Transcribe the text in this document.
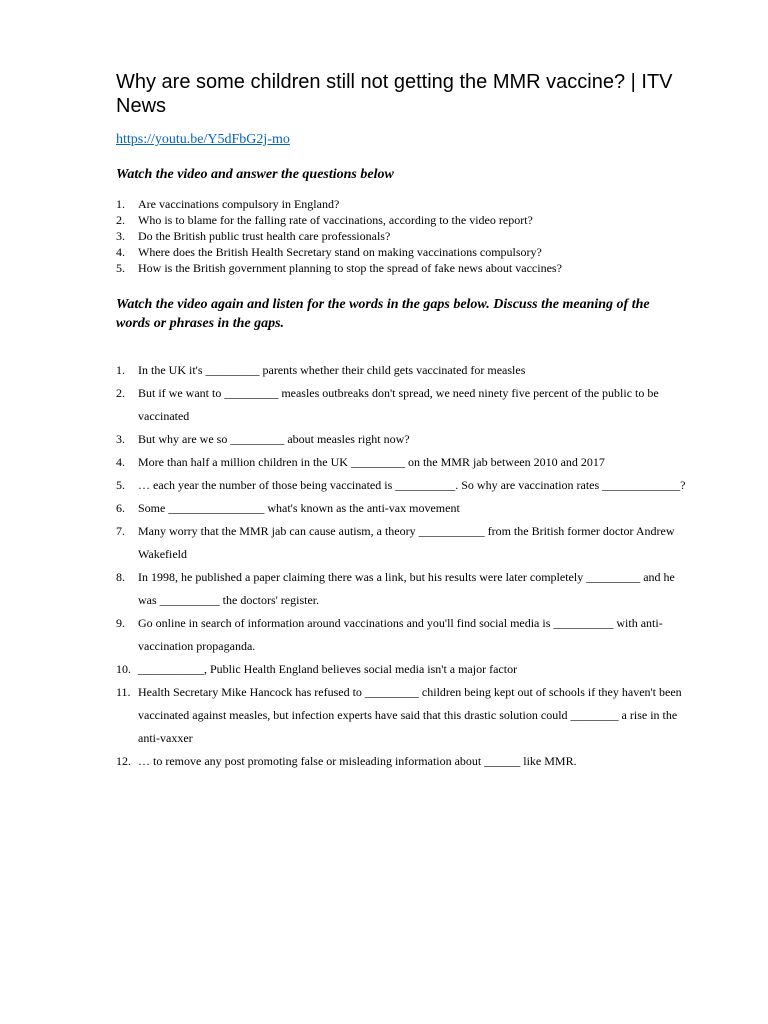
Why are some children still not getting the MMR vaccine? | ITV News
https://youtu.be/Y5dFbG2j-mo
Watch the video and answer the questions below
1. Are vaccinations compulsory in England?
2. Who is to blame for the falling rate of vaccinations, according to the video report?
3. Do the British public trust health care professionals?
4. Where does the British Health Secretary stand on making vaccinations compulsory?
5. How is the British government planning to stop the spread of fake news about vaccines?
Watch the video again and listen for the words in the gaps below. Discuss the meaning of the words or phrases in the gaps.
1. In the UK it's _________ parents whether their child gets vaccinated for measles
2. But if we want to _________ measles outbreaks don't spread, we need ninety five percent of the public to be vaccinated
3. But why are we so _________ about measles right now?
4. More than half a million children in the UK _________ on the MMR jab between 2010 and 2017
5. … each year the number of those being vaccinated is __________. So why are vaccination rates _____________?
6. Some ________________ what's known as the anti-vax movement
7. Many worry that the MMR jab can cause autism, a theory ___________ from the British former doctor Andrew Wakefield
8. In 1998, he published a paper claiming there was a link, but his results were later completely _________ and he was __________ the doctors' register.
9. Go online in search of information around vaccinations and you'll find social media is __________ with anti-vaccination propaganda.
10. ___________, Public Health England believes social media isn't a major factor
11. Health Secretary Mike Hancock has refused to _________ children being kept out of schools if they haven't been vaccinated against measles, but infection experts have said that this drastic solution could ________ a rise in the anti-vaxxer
12. … to remove any post promoting false or misleading information about ______ like MMR.
